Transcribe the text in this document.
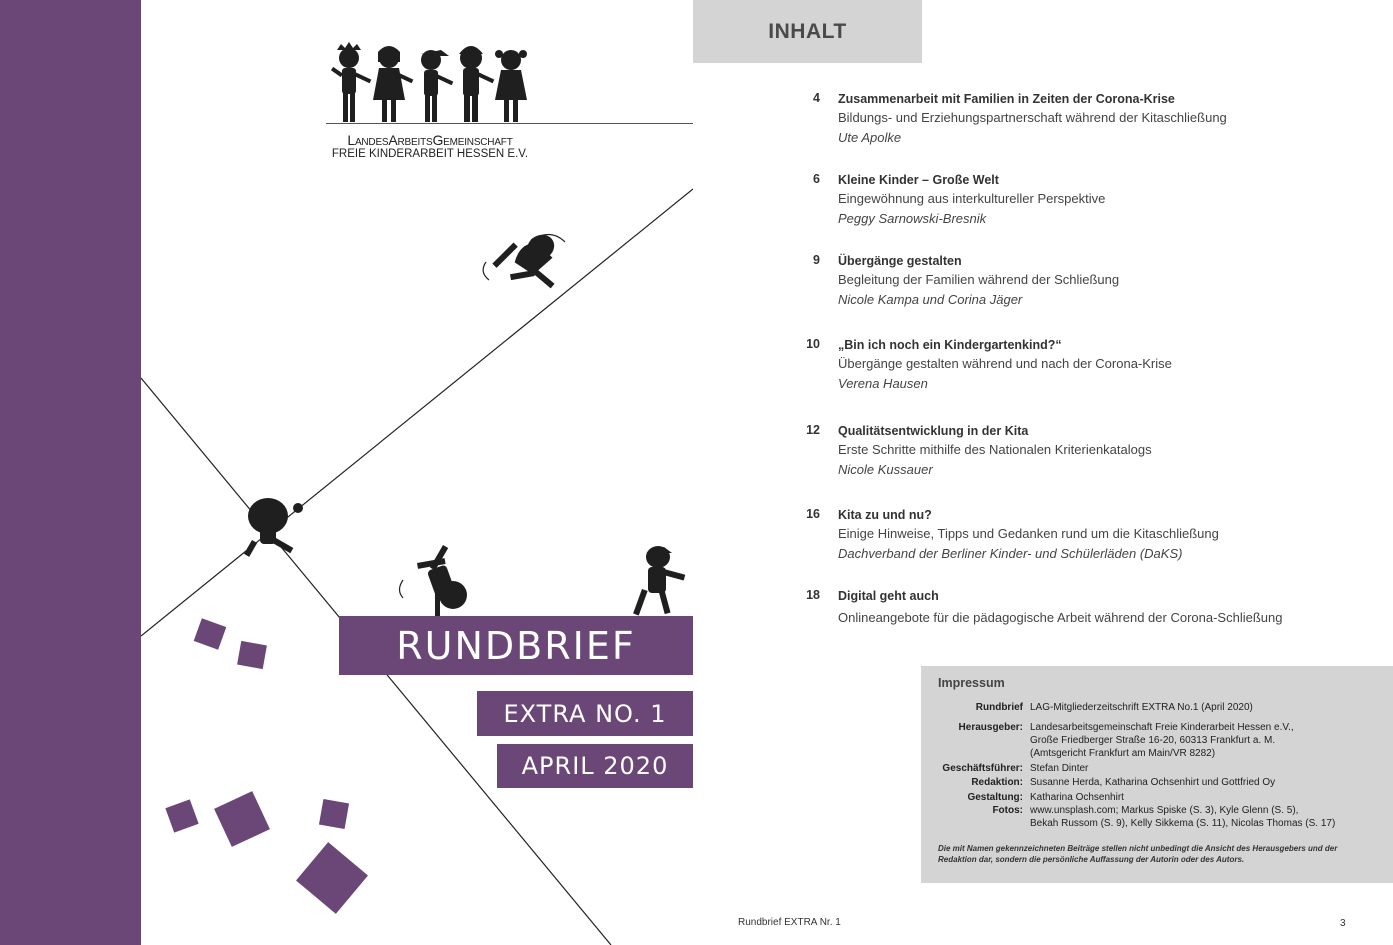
LandesArbeitsGemeinschaft
FREIE KINDERARBEIT HESSEN E.V.
RUNDBRIEF
EXTRA NO. 1
APRIL 2020
INHALT
4 Zusammenarbeit mit Familien in Zeiten der Corona-Krise
Bildungs- und Erziehungspartnerschaft während der Kitaschließung
Ute Apolke
6 Kleine Kinder – Große Welt
Eingewöhnung aus interkultureller Perspektive
Peggy Sarnowski-Bresnik
9 Übergänge gestalten
Begleitung der Familien während der Schließung
Nicole Kampa und Corina Jäger
10 „Bin ich noch ein Kindergartenkind?“
Übergänge gestalten während und nach der Corona-Krise
Verena Hausen
12 Qualitätsentwicklung in der Kita
Erste Schritte mithilfe des Nationalen Kriterienkatalogs
Nicole Kussauer
16 Kita zu und nu?
Einige Hinweise, Tipps und Gedanken rund um die Kitaschließung
Dachverband der Berliner Kinder- und Schülerläden (DaKS)
18 Digital geht auch
Onlineangebote für die pädagogische Arbeit während der Corona-Schließung
Impressum
Rundbrief LAG-Mitgliederzeitschrift EXTRA No.1 (April 2020)
Herausgeber: Landesarbeitsgemeinschaft Freie Kinderarbeit Hessen e.V.,
Große Friedberger Straße 16-20, 60313 Frankfurt a. M.
(Amtsgericht Frankfurt am Main/VR 8282)
Geschäftsführer: Stefan Dinter
Redaktion: Susanne Herda, Katharina Ochsenhirt und Gottfried Oy
Gestaltung: Katharina Ochsenhirt
Fotos: www.unsplash.com; Markus Spiske (S. 3), Kyle Glenn (S. 5),
Bekah Russom (S. 9), Kelly Sikkema (S. 11), Nicolas Thomas (S. 17)
Die mit Namen gekennzeichneten Beiträge stellen nicht unbedingt die Ansicht des Herausgebers und der Redaktion dar, sondern die persönliche Auffassung der Autorin oder des Autors.
Rundbrief EXTRA Nr. 1	3
